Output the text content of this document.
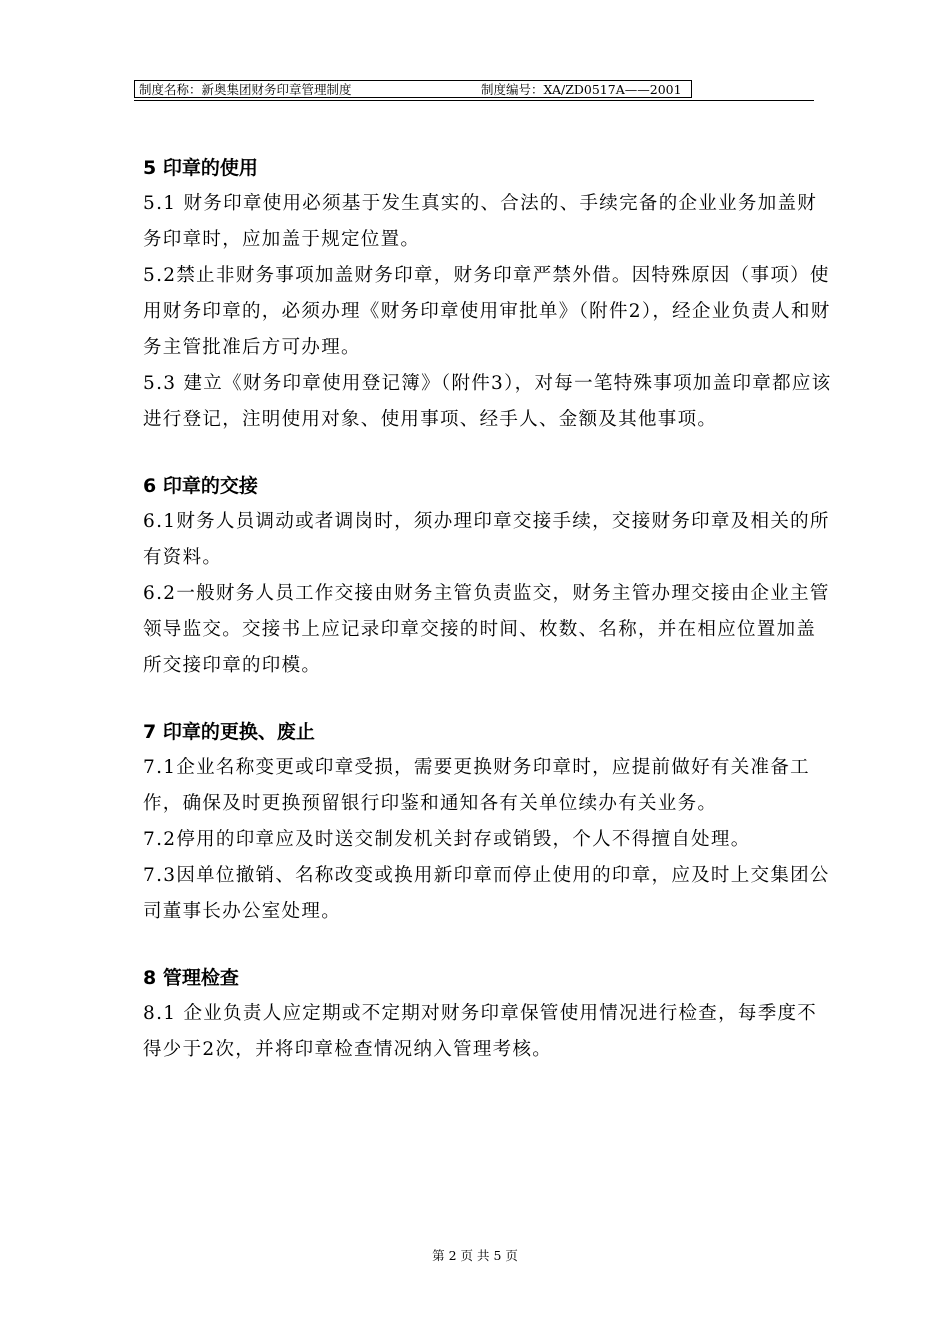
制度名称：新奥集团财务印章管理制度	制度编号：XA/ZD0517A——2001
5 印章的使用

5.1 财务印章使用必须基于发生真实的、合法的、手续完备的企业业务加盖财务印章时，应加盖于规定位置。

5.2禁止非财务事项加盖财务印章，财务印章严禁外借。因特殊原因（事项）使用财务印章的，必须办理《财务印章使用审批单》（附件2），经企业负责人和财务主管批准后方可办理。

5.3 建立《财务印章使用登记簿》（附件3），对每一笔特殊事项加盖印章都应该进行登记，注明使用对象、使用事项、经手人、金额及其他事项。

6 印章的交接

6.1财务人员调动或者调岗时，须办理印章交接手续，交接财务印章及相关的所有资料。

6.2一般财务人员工作交接由财务主管负责监交，财务主管办理交接由企业主管领导监交。交接书上应记录印章交接的时间、枚数、名称，并在相应位置加盖所交接印章的印模。

7 印章的更换、废止

7.1企业名称变更或印章受损，需要更换财务印章时，应提前做好有关准备工作，确保及时更换预留银行印鉴和通知各有关单位续办有关业务。

7.2停用的印章应及时送交制发机关封存或销毁，个人不得擅自处理。

7.3因单位撤销、名称改变或换用新印章而停止使用的印章，应及时上交集团公司董事长办公室处理。

8 管理检查

8.1 企业负责人应定期或不定期对财务印章保管使用情况进行检查，每季度不得少于2次，并将印章检查情况纳入管理考核。

第 2 页 共 5 页
